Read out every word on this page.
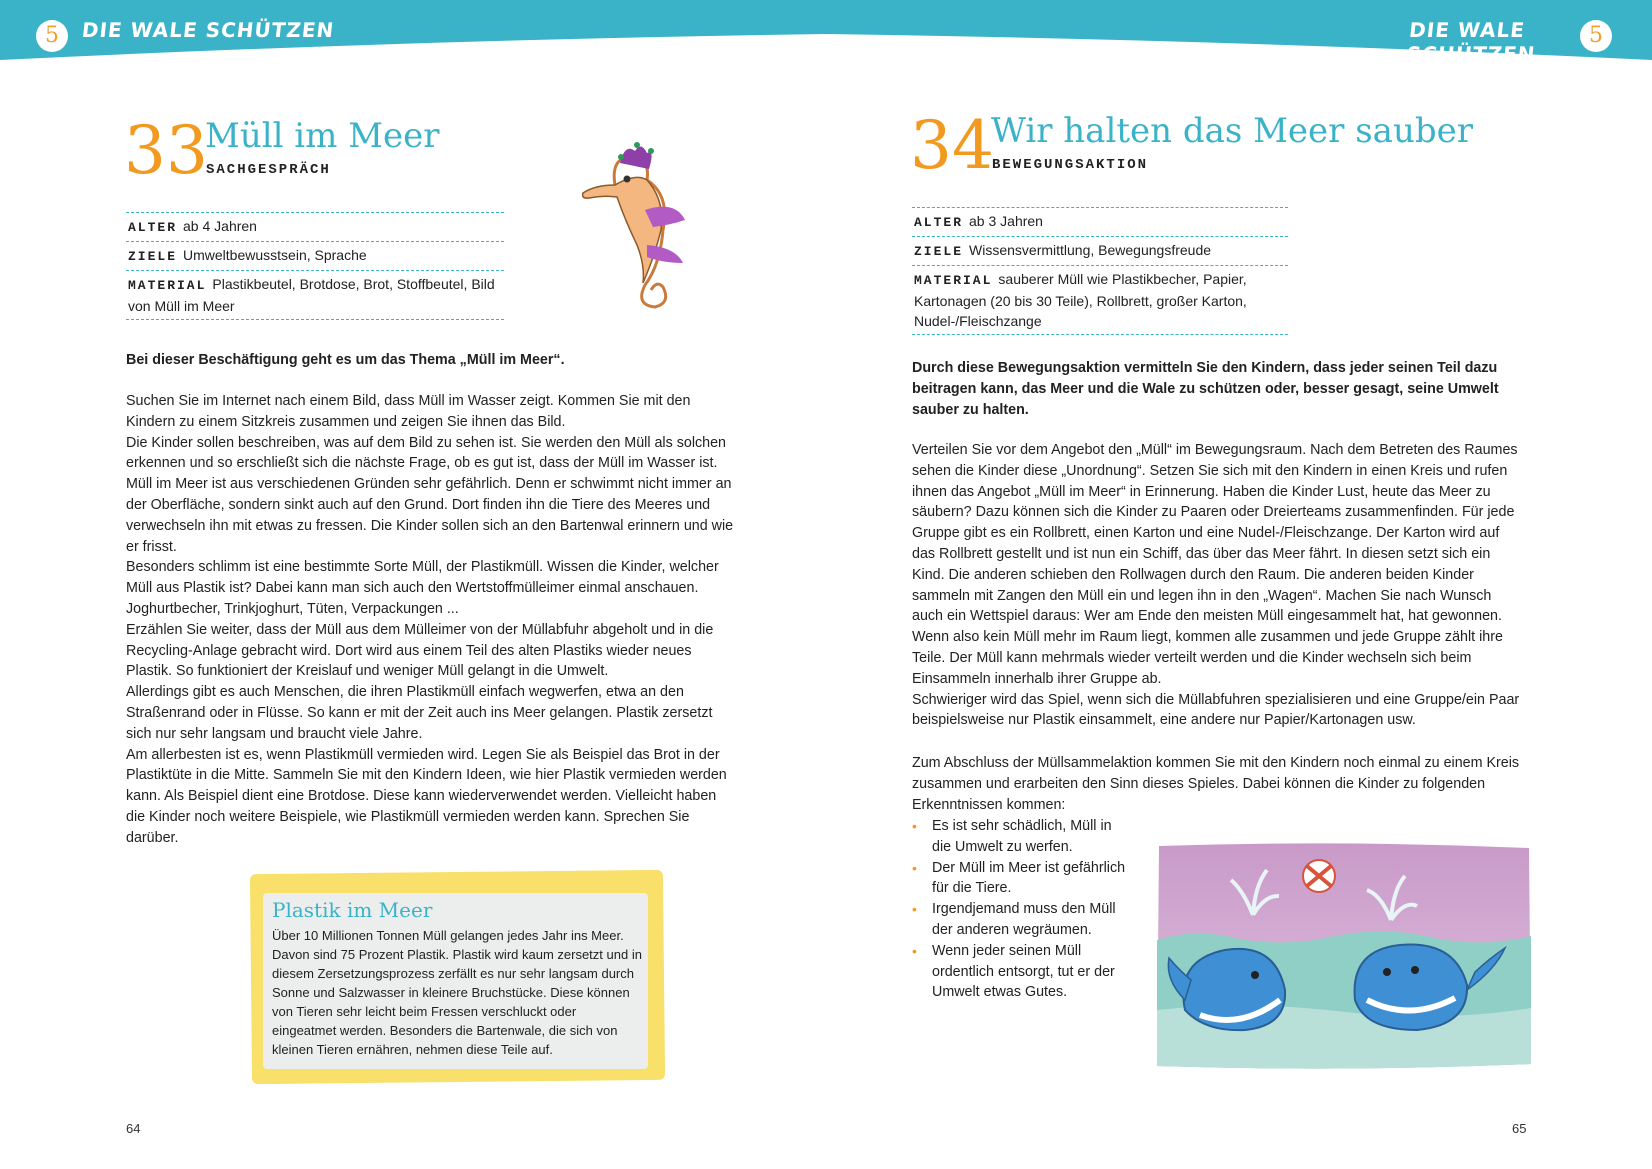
5	DIE WALE SCHÜTZEN	DIE WALE SCHÜTZEN
5
33
Müll im Meer
SACHGESPRÄCH
ALTER ab 4 Jahren
ZIELE Umweltbewusstsein, Sprache
MATERIAL Plastikbeutel, Brotdose, Brot, Stoffbeutel, Bild von Müll im Meer
Bei dieser Beschäftigung geht es um das Thema „Müll im Meer“.
Suchen Sie im Internet nach einem Bild, dass Müll im Wasser zeigt. Kommen Sie mit den Kindern zu einem Sitzkreis zusammen und zeigen Sie ihnen das Bild.
Die Kinder sollen beschreiben, was auf dem Bild zu sehen ist. Sie werden den Müll als solchen erkennen und so erschließt sich die nächste Frage, ob es gut ist, dass der Müll im Wasser ist. Müll im Meer ist aus verschiedenen Gründen sehr gefährlich. Denn er schwimmt nicht immer an der Oberfläche, sondern sinkt auch auf den Grund. Dort finden ihn die Tiere des Meeres und verwechseln ihn mit etwas zu fressen. Die Kinder sollen sich an den Bartenwal erinnern und wie er frisst.
Besonders schlimm ist eine bestimmte Sorte Müll, der Plastikmüll. Wissen die Kinder, welcher Müll aus Plastik ist? Dabei kann man sich auch den Wertstoffmülleimer einmal anschauen. Joghurtbecher, Trinkjoghurt, Tüten, Verpackungen ...
Erzählen Sie weiter, dass der Müll aus dem Mülleimer von der Müllabfuhr abgeholt und in die Recycling-Anlage gebracht wird. Dort wird aus einem Teil des alten Plastiks wieder neues Plastik. So funktioniert der Kreislauf und weniger Müll gelangt in die Umwelt.
Allerdings gibt es auch Menschen, die ihren Plastikmüll einfach wegwerfen, etwa an den Straßenrand oder in Flüsse. So kann er mit der Zeit auch ins Meer gelangen. Plastik zersetzt sich nur sehr langsam und braucht viele Jahre.
Am allerbesten ist es, wenn Plastikmüll vermieden wird. Legen Sie als Beispiel das Brot in der Plastiktüte in die Mitte. Sammeln Sie mit den Kindern Ideen, wie hier Plastik vermieden werden kann. Als Beispiel dient eine Brotdose. Diese kann wiederverwendet werden. Vielleicht haben die Kinder noch weitere Beispiele, wie Plastikmüll vermieden werden kann. Sprechen Sie darüber.
Plastik im Meer
Über 10 Millionen Tonnen Müll gelangen jedes Jahr ins Meer. Davon sind 75 Prozent Plastik. Plastik wird kaum zersetzt und in diesem Zersetzungsprozess zerfällt es nur sehr langsam durch Sonne und Salzwasser in kleinere Bruchstücke. Diese können von Tieren sehr leicht beim Fressen verschluckt oder eingeatmet werden. Besonders die Bartenwale, die sich von kleinen Tieren ernähren, nehmen diese Teile auf.
64
34
Wir halten das Meer sauber
BEWEGUNGSAKTION
ALTER ab 3 Jahren
ZIELE Wissensvermittlung, Bewegungsfreude
MATERIAL sauberer Müll wie Plastikbecher, Papier, Kartonagen (20 bis 30 Teile), Rollbrett, großer Karton, Nudel-/Fleischzange
Durch diese Bewegungsaktion vermitteln Sie den Kindern, dass jeder seinen Teil dazu beitragen kann, das Meer und die Wale zu schützen oder, besser gesagt, seine Umwelt sauber zu halten.
Verteilen Sie vor dem Angebot den „Müll“ im Bewegungsraum. Nach dem Betreten des Raumes sehen die Kinder diese „Unordnung“. Setzen Sie sich mit den Kindern in einen Kreis und rufen ihnen das Angebot „Müll im Meer“ in Erinnerung. Haben die Kinder Lust, heute das Meer zu säubern? Dazu können sich die Kinder zu Paaren oder Dreierteams zusammenfinden. Für jede Gruppe gibt es ein Rollbrett, einen Karton und eine Nudel-/Fleischzange. Der Karton wird auf das Rollbrett gestellt und ist nun ein Schiff, das über das Meer fährt. In diesen setzt sich ein Kind. Die anderen schieben den Rollwagen durch den Raum. Die anderen beiden Kinder sammeln mit Zangen den Müll ein und legen ihn in den „Wagen“. Machen Sie nach Wunsch auch ein Wettspiel daraus: Wer am Ende den meisten Müll eingesammelt hat, hat gewonnen. Wenn also kein Müll mehr im Raum liegt, kommen alle zusammen und jede Gruppe zählt ihre Teile. Der Müll kann mehrmals wieder verteilt werden und die Kinder wechseln sich beim Einsammeln innerhalb ihrer Gruppe ab.
Schwieriger wird das Spiel, wenn sich die Müllabfuhren spezialisieren und eine Gruppe/ein Paar beispielsweise nur Plastik einsammelt, eine andere nur Papier/Kartonagen usw.
Zum Abschluss der Müllsammelaktion kommen Sie mit den Kindern noch einmal zu einem Kreis zusammen und erarbeiten den Sinn dieses Spieles. Dabei können die Kinder zu folgenden Erkenntnissen kommen:
•	Es ist sehr schädlich, Müll in die Umwelt zu werfen.
•	Der Müll im Meer ist gefährlich für die Tiere.
•	Irgendjemand muss den Müll der anderen wegräumen.
•	Wenn jeder seinen Müll ordentlich entsorgt, tut er der Umwelt etwas Gutes.
65
